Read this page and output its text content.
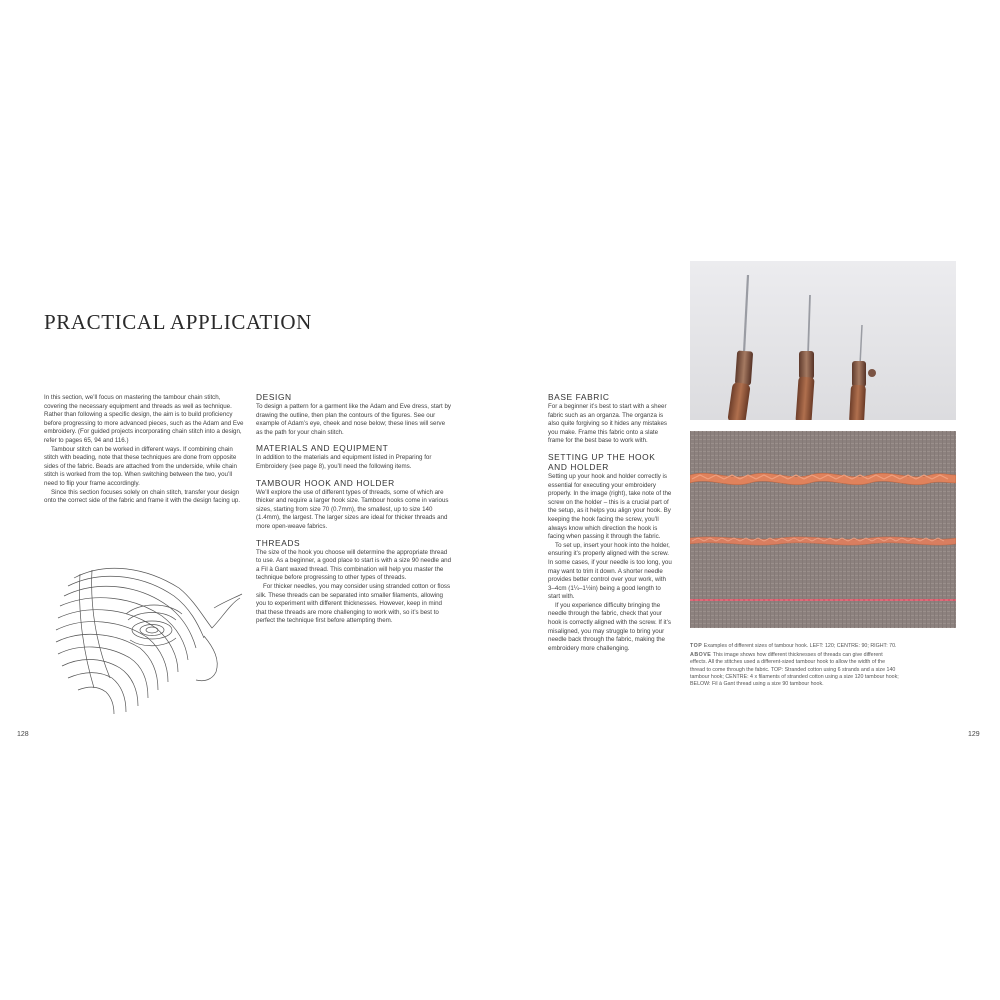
PRACTICAL APPLICATION

In this section, we’ll focus on mastering the tambour chain stitch, covering the necessary equipment and threads as well as technique. Rather than following a specific design, the aim is to build proficiency before progressing to more advanced pieces, such as the Adam and Eve embroidery. (For guided projects incorporating chain stitch into a design, refer to pages 65, 94 and 116.)

Tambour stitch can be worked in different ways. If combining chain stitch with beading, note that these techniques are done from opposite sides of the fabric. Beads are attached from the underside, while chain stitch is worked from the top. When switching between the two, you’ll need to flip your frame accordingly.

Since this section focuses solely on chain stitch, transfer your design onto the correct side of the fabric and frame it with the design facing up.

DESIGN

To design a pattern for a garment like the Adam and Eve dress, start by drawing the outline, then plan the contours of the figures. See our example of Adam’s eye, cheek and nose below; these lines will serve as the path for your chain stitch.

MATERIALS AND EQUIPMENT

In addition to the materials and equipment listed in Preparing for Embroidery (see page 8), you’ll need the following items.

TAMBOUR HOOK AND HOLDER

We’ll explore the use of different types of threads, some of which are thicker and require a larger hook size. Tambour hooks come in various sizes, starting from size 70 (0.7mm), the smallest, up to size 140 (1.4mm), the largest. The larger sizes are ideal for thicker threads and more open-weave fabrics.

THREADS

The size of the hook you choose will determine the appropriate thread to use. As a beginner, a good place to start is with a size 90 needle and a Fil à Gant waxed thread. This combination will help you master the technique before progressing to other types of threads.

For thicker needles, you may consider using stranded cotton or floss silk. These threads can be separated into smaller filaments, allowing you to experiment with different thicknesses. However, keep in mind that these threads are more challenging to work with, so it’s best to perfect the technique first before attempting them.

128
BASE FABRIC

For a beginner it’s best to start with a sheer fabric such as an organza. The organza is also quite forgiving so it hides any mistakes you make. Frame this fabric onto a slate frame for the best base to work with.

SETTING UP THE HOOK AND HOLDER

Setting up your hook and holder correctly is essential for executing your embroidery properly. In the image (right), take note of the screw on the holder – this is a crucial part of the setup, as it helps you align your hook. By keeping the hook facing the screw, you’ll always know which direction the hook is facing when passing it through the fabric.

To set up, insert your hook into the holder, ensuring it’s properly aligned with the screw. In some cases, if your needle is too long, you may want to trim it down. A shorter needle provides better control over your work, with 3–4cm (1¼–1½in) being a good length to start with.

If you experience difficulty bringing the needle through the fabric, check that your hook is correctly aligned with the screw. If it’s misaligned, you may struggle to bring your needle back through the fabric, making the embroidery more challenging.	TOP Examples of different sizes of tambour hook. LEFT: 120; CENTRE: 90; RIGHT: 70.
ABOVE This image shows how different thicknesses of threads can give different effects. All the stitches used a different-sized tambour hook to allow the width of the thread to come through the fabric. TOP: Stranded cotton using 6 strands and a size 140 tambour hook; CENTRE: 4 x filaments of stranded cotton using a size 120 tambour hook; BELOW: Fil à Gant thread using a size 90 tambour hook.
129
